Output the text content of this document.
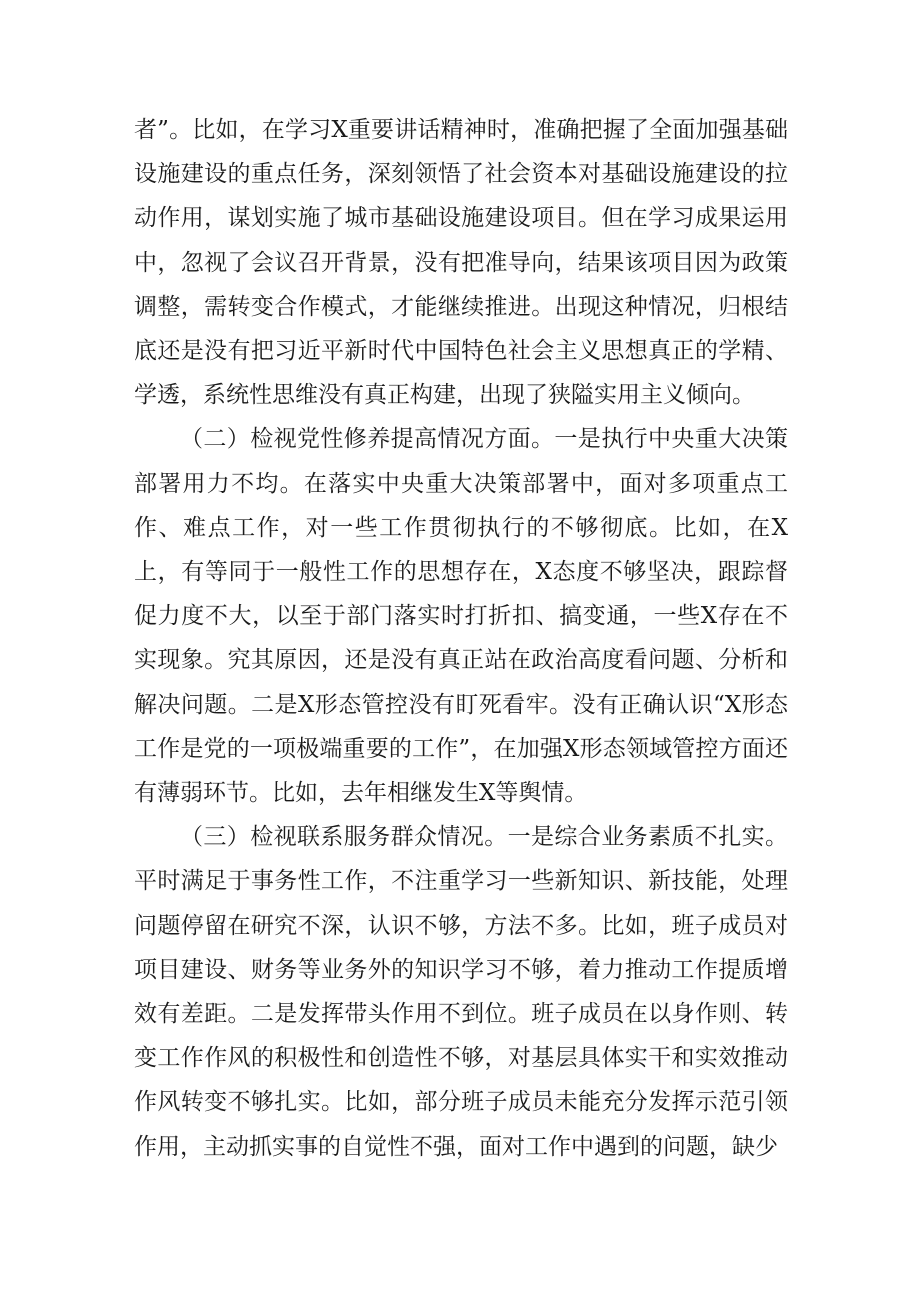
者”。比如，在学习X重要讲话精神时，准确把握了全面加强基础设施建设的重点任务，深刻领悟了社会资本对基础设施建设的拉动作用，谋划实施了城市基础设施建设项目。但在学习成果运用中，忽视了会议召开背景，没有把准导向，结果该项目因为政策调整，需转变合作模式，才能继续推进。出现这种情况，归根结底还是没有把习近平新时代中国特色社会主义思想真正的学精、学透，系统性思维没有真正构建，出现了狭隘实用主义倾向。

（二）检视党性修养提高情况方面。一是执行中央重大决策部署用力不均。在落实中央重大决策部署中，面对多项重点工作、难点工作，对一些工作贯彻执行的不够彻底。比如，在X上，有等同于一般性工作的思想存在，X态度不够坚决，跟踪督促力度不大，以至于部门落实时打折扣、搞变通，一些X存在不实现象。究其原因，还是没有真正站在政治高度看问题、分析和解决问题。二是X形态管控没有盯死看牢。没有正确认识“X形态工作是党的一项极端重要的工作”，在加强X形态领域管控方面还有薄弱环节。比如，去年相继发生X等舆情。

（三）检视联系服务群众情况。一是综合业务素质不扎实。平时满足于事务性工作，不注重学习一些新知识、新技能，处理问题停留在研究不深，认识不够，方法不多。比如，班子成员对项目建设、财务等业务外的知识学习不够，着力推动工作提质增效有差距。二是发挥带头作用不到位。班子成员在以身作则、转变工作作风的积极性和创造性不够，对基层具体实干和实效推动作风转变不够扎实。比如，部分班子成员未能充分发挥示范引领作用，主动抓实事的自觉性不强，面对工作中遇到的问题，缺少
